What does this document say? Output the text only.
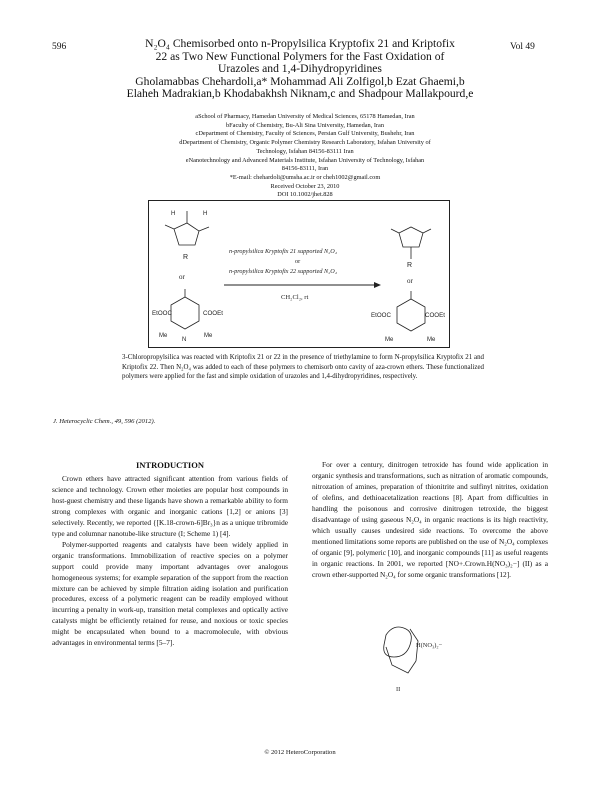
596	Vol 49
N₂O₄ Chemisorbed onto n-Propylsilica Kryptofix 21 and Kriptofix
22 as Two New Functional Polymers for the Fast Oxidation of
Urazoles and 1,4-Dihydropyridines
Gholamabbas Chehardoli,a* Mohammad Ali Zolfigol,b Ezat Ghaemi,b
Elaheh Madrakian,b Khodabakhsh Niknam,c and Shadpour Mallakpourd,e
aSchool of Pharmacy, Hamedan University of Medical Sciences, 65178 Hamedan, Iran
bFaculty of Chemistry, Bu-Ali Sina University, Hamedan, Iran
cDepartment of Chemistry, Faculty of Sciences, Persian Gulf University, Bushehr, Iran
dDepartment of Chemistry, Organic Polymer Chemistry Research Laboratory, Isfahan University of
Technology, Isfahan 84156-83111 Iran
eNanotechnology and Advanced Materials Institute, Isfahan University of Technology, Isfahan
84156-83111, Iran
*E-mail: chehardoli@umsha.ac.ir or cheh1002@gmail.com
Received October 23, 2010
DOI 10.1002/jhet.828
H	H
R
or
R
or
n-propylsilica Kryptofix 21 supported N₂O₄
or
n-propylsilica Kryptofix 22 supported N₂O₄
CH₂Cl₂, rt
EtOOC	COOEt
Me	Me
N
EtOOC	COOEt
Me	Me
3-Chloropropylsilica was reacted with Kriptofix 21 or 22 in the presence of triethylamine to form N-propylsilica Kryptofix 21 and Kriptofix 22. Then N₂O₄ was added to each of these polymers to chemisorb onto cavity of aza-crown ethers. These functionalized polymers were applied for the fast and simple oxidation of urazoles and 1,4-dihydropyridines, respectively.
J. Heterocyclic Chem., 49, 596 (2012).
INTRODUCTION

Crown ethers have attracted significant attention from various fields of science and technology. Crown ether moieties are popular host compounds in host-guest chemistry and these ligands have shown a remarkable ability to form strong complexes with organic and inorganic cations [1,2] or anions [3] selectively. Recently, we reported {[K.18-crown-6]Br₃}n as a unique tribromide type and columnar nanotube-like structure (I; Scheme 1) [4].

Polymer-supported reagents and catalysts have been widely applied in organic transformations. Immobilization of reactive species on a polymer support could provide many important advantages over analogous homogeneous systems; for example separation of the support from the reaction mixture can be achieved by simple filtration aiding isolation and purification procedures, excess of a polymeric reagent can be readily employed without incurring a penalty in work-up, transition metal complexes and optically active catalysts might be efficiently retained for reuse, and noxious or toxic species might be encapsulated when bound to a macromolecule, with obvious advantages in environmental terms [5–7].

For over a century, dinitrogen tetroxide has found wide application in organic synthesis and transformations, such as nitration of aromatic compounds, nitrozation of amines, preparation of thionitrite and sulfinyl nitrites, oxidation of olefins, and dethioacetalization reactions [8]. Apart from difficulties in handling the poisonous and corrosive dinitrogen tetroxide, the biggest disadvantage of using gaseous N₂O₄ in organic reactions is its high reactivity, which usually causes undesired side reactions. To overcome the above mentioned limitations some reports are published on the use of N₂O₄ complexes of organic [9], polymeric [10], and inorganic compounds [11] as useful reagents in organic reactions. In 2001, we reported [NO+.Crown.H(NO₃)₂−] (II) as a crown ether-supported N₂O₄ for some organic transformations [12].

H(NO₃)₂−
II
© 2012 HeteroCorporation
